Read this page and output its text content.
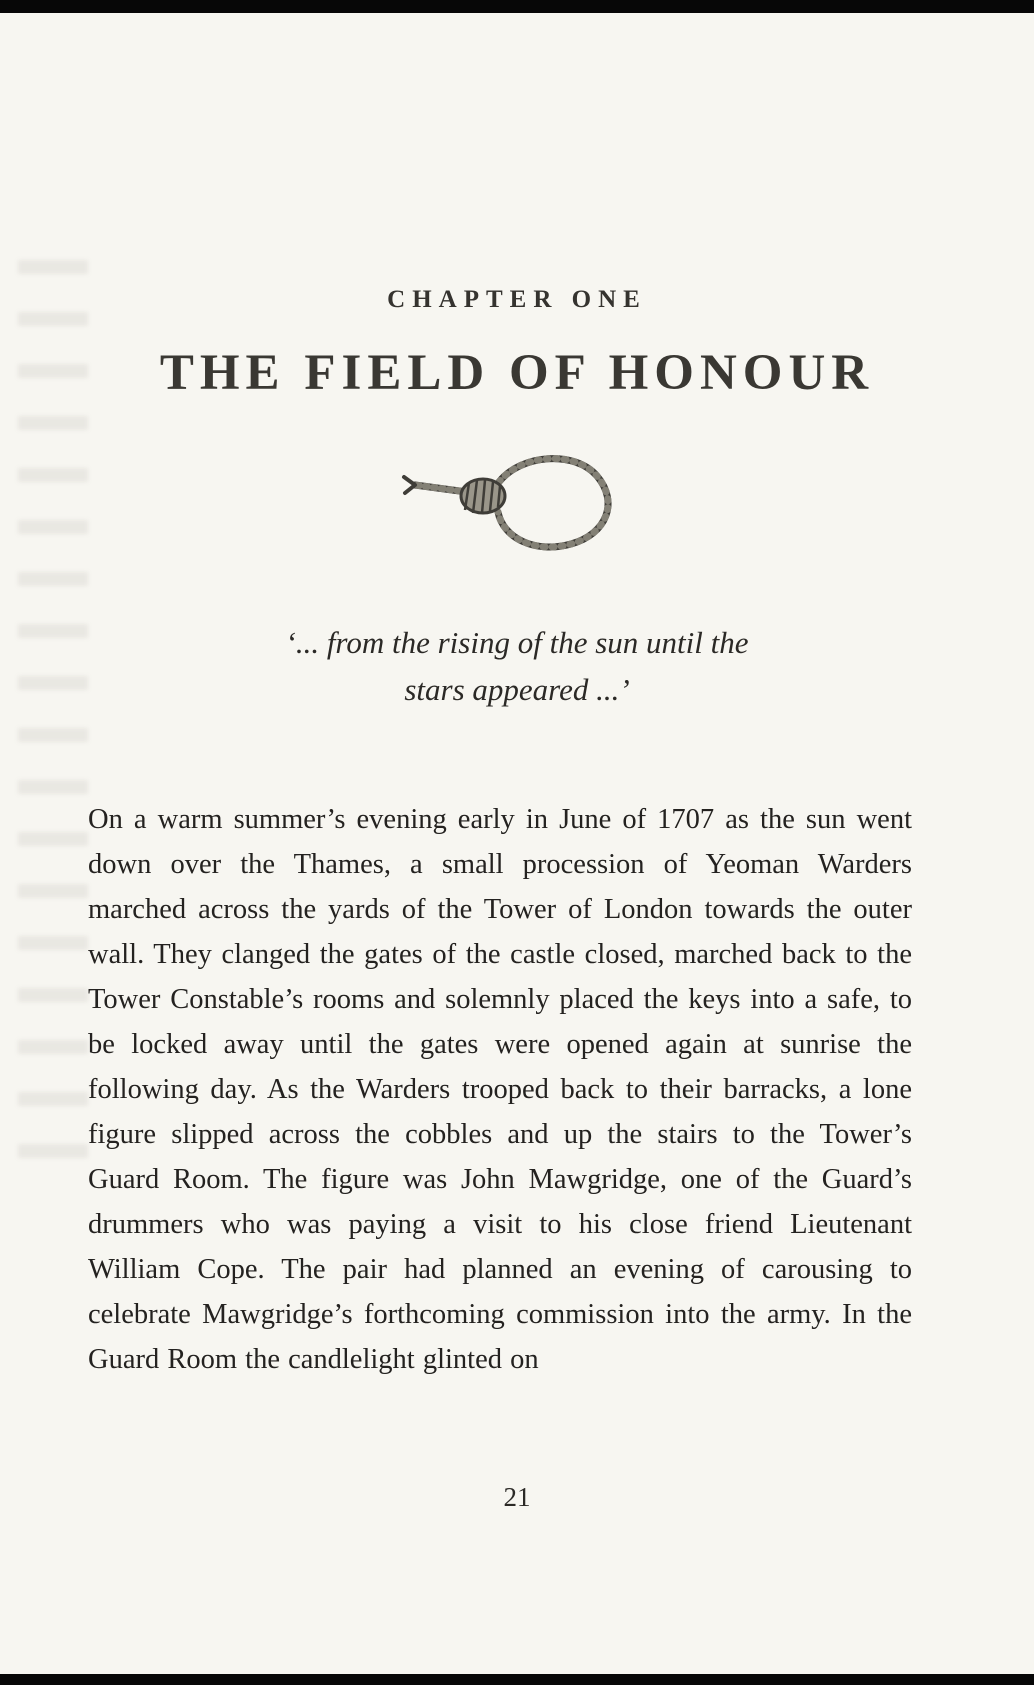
CHAPTER ONE
THE FIELD OF HONOUR
‘... from the rising of the sun until the
stars appeared ...’

On a warm summer’s evening early in June of 1707 as the sun went down over the Thames, a small procession of Yeoman Warders marched across the yards of the Tower of London towards the outer wall. They clanged the gates of the castle closed, marched back to the Tower Constable’s rooms and solemnly placed the keys into a safe, to be locked away until the gates were opened again at sunrise the following day. As the Warders trooped back to their barracks, a lone figure slipped across the cobbles and up the stairs to the Tower’s Guard Room. The figure was John Mawgridge, one of the Guard’s drummers who was paying a visit to his close friend Lieutenant William Cope. The pair had planned an evening of carousing to celebrate Mawgridge’s forthcoming commission into the army. In the Guard Room the candlelight glinted on

21
